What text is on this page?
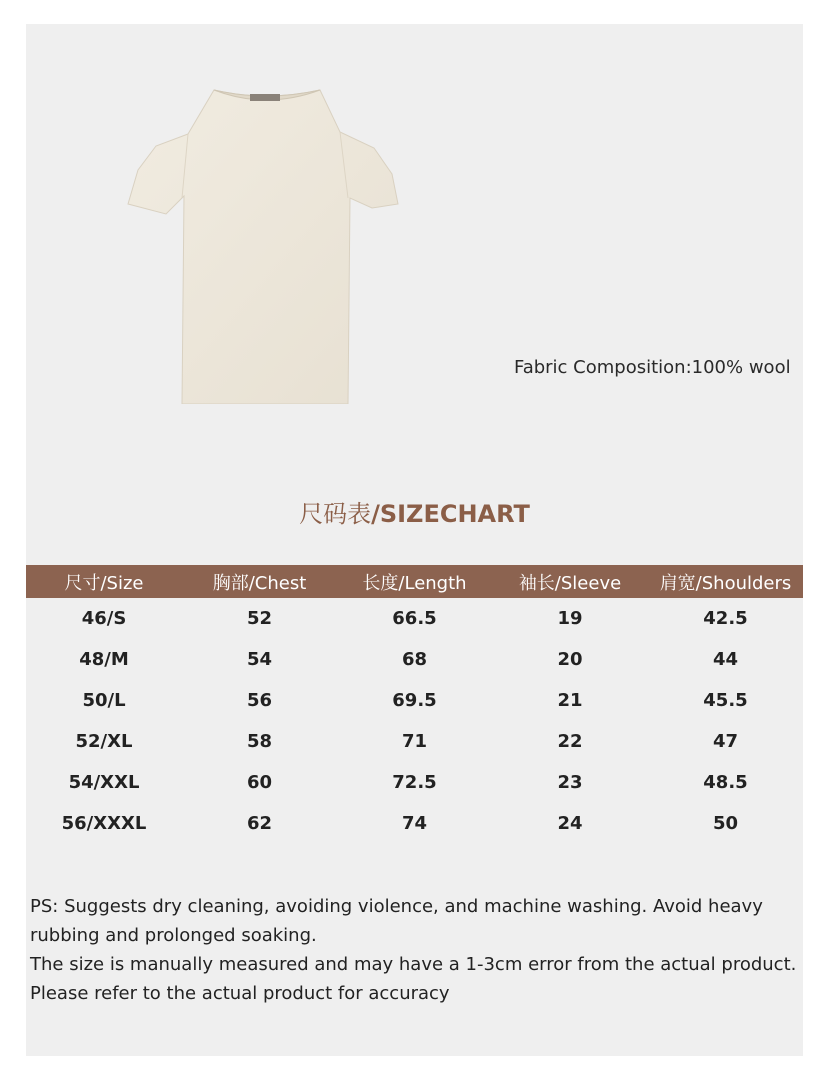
Fabric Composition:100% wool
尺码表/SIZECHART
尺寸/Size	胸部/Chest	长度/Length	袖长/Sleeve	肩宽/Shoulders
46/S	52	66.5	19	42.5
48/M	54	68	20	44
50/L	56	69.5	21	45.5
52/XL	58	71	22	47
54/XXL	60	72.5	23	48.5
56/XXXL	62	74	24	50

PS: Suggests dry cleaning, avoiding violence, and machine washing. Avoid heavy rubbing and prolonged soaking.

The size is manually measured and may have a 1-3cm error from the actual product.

Please refer to the actual product for accuracy
